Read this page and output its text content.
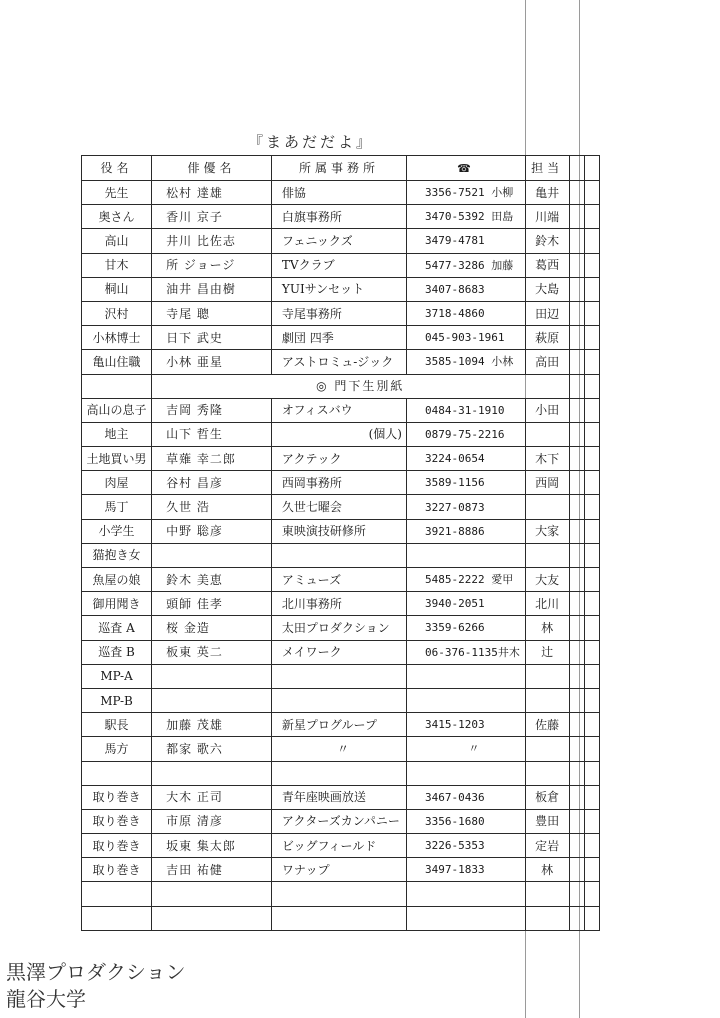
『まあだだよ』
役名	俳優名	所属事務所	☎	担当		
先生	松村 達雄	俳協	3356-7521 小柳	亀井		
奥さん	香川 京子	白旗事務所	3470-5392 田島	川端		
高山	井川 比佐志	フェニックズ	3479-4781	鈴木		
甘木	所 ジョージ	TVクラブ	5477-3286 加藤	葛西		
桐山	油井 昌由樹	YUIサンセット	3407-8683	大島		
沢村	寺尾 聰	寺尾事務所	3718-4860	田辺		
小林博士	日下 武史	劇団 四季	045-903-1961	萩原		
亀山住職	小林 亜星	アストロミュ-ジック	3585-1094 小林	高田		
	◎ 門下生別紙					
高山の息子	吉岡 秀隆	オフィスバウ	0484-31-1910	小田		
地主	山下 哲生	(個人)	0879-75-2216			
土地買い男	草薙 幸二郎	アクテック	3224-0654	木下		
肉屋	谷村 昌彦	西岡事務所	3589-1156	西岡		
馬丁	久世 浩	久世七曜会	3227-0873			
小学生	中野 聡彦	東映演技研修所	3921-8886	大家		
猫抱き女						
魚屋の娘	鈴木 美恵	アミューズ	5485-2222 愛甲	大友		
御用聞き	頭師 佳孝	北川事務所	3940-2051	北川		
巡査 A	桜 金造	太田プロダクション	3359-6266	林		
巡査 B	板東 英二	メイワーク	06-376-1135井木	辻		
MP-A						
MP-B						
駅長	加藤 茂雄	新星プログループ	3415-1203	佐藤		
馬方	都家 歌六	〃	〃			

取り巻き	大木 正司	青年座映画放送	3467-0436	板倉		
取り巻き	市原 清彦	アクターズカンパニー	3356-1680	豊田		
取り巻き	坂東 集太郎	ビッグフィールド	3226-5353	定岩		
取り巻き	吉田 祐健	ワナップ	3497-1833	林		

黒澤プロダクション
龍谷大学
